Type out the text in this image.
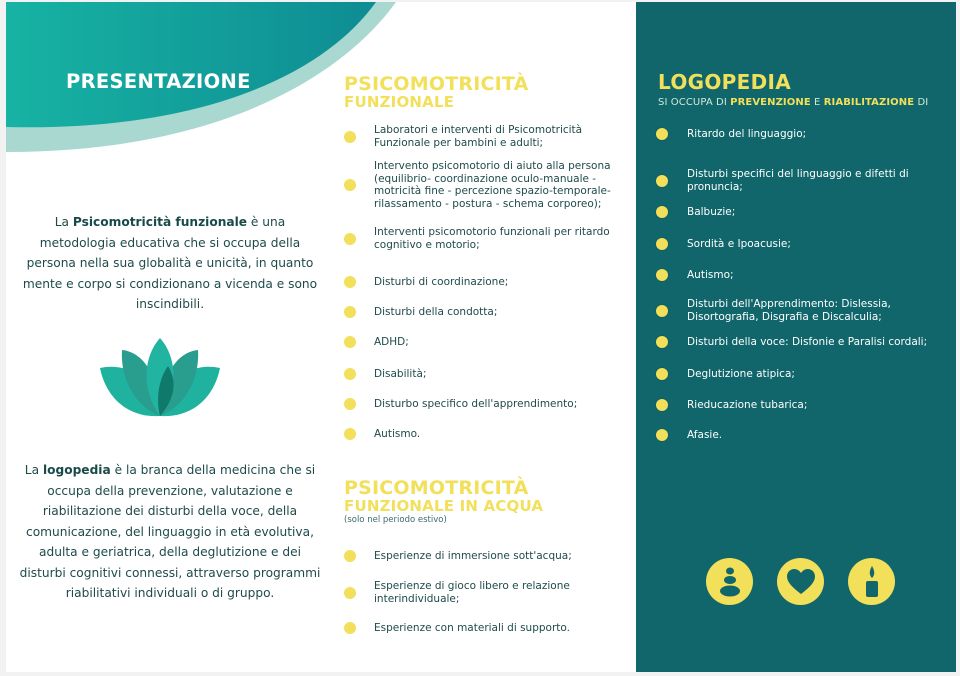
PRESENTAZIONE

La Psicomotricità funzionale è una metodologia educativa che si occupa della persona nella sua globalità e unicità, in quanto mente e corpo si condizionano a vicenda e sono inscindibili.

La logopedia è la branca della medicina che si occupa della prevenzione, valutazione e riabilitazione dei disturbi della voce, della comunicazione, del linguaggio in età evolutiva, adulta e geriatrica, della deglutizione e dei disturbi cognitivi connessi, attraverso programmi riabilitativi individuali o di gruppo.

PSICOMOTRICITÀ
FUNZIONALE
Laboratori e interventi di Psicomotricità Funzionale per bambini e adulti;
Intervento psicomotorio di aiuto alla persona (equilibrio- coordinazione oculo-manuale - motricità fine - percezione spazio-temporale- rilassamento - postura - schema corporeo);
Interventi psicomotorio funzionali per ritardo cognitivo e motorio;
Disturbi di coordinazione;
Disturbi della condotta;
ADHD;
Disabilità;
Disturbo specifico dell'apprendimento;
Autismo.
PSICOMOTRICITÀ
FUNZIONALE IN ACQUA
(solo nel periodo estivo)
Esperienze di immersione sott'acqua;
Esperienze di gioco libero e relazione interindividuale;
Esperienze con materiali di supporto.
LOGOPEDIA
SI OCCUPA DI PREVENZIONE E RIABILITAZIONE DI
Ritardo del linguaggio;
Disturbi specifici del linguaggio e difetti di pronuncia;
Balbuzie;
Sordità e Ipoacusie;
Autismo;
Disturbi dell'Apprendimento: Dislessia, Disortografia, Disgrafia e Discalculia;
Disturbi della voce: Disfonie e Paralisi cordali;
Deglutizione atipica;
Rieducazione tubarica;
Afasie.
